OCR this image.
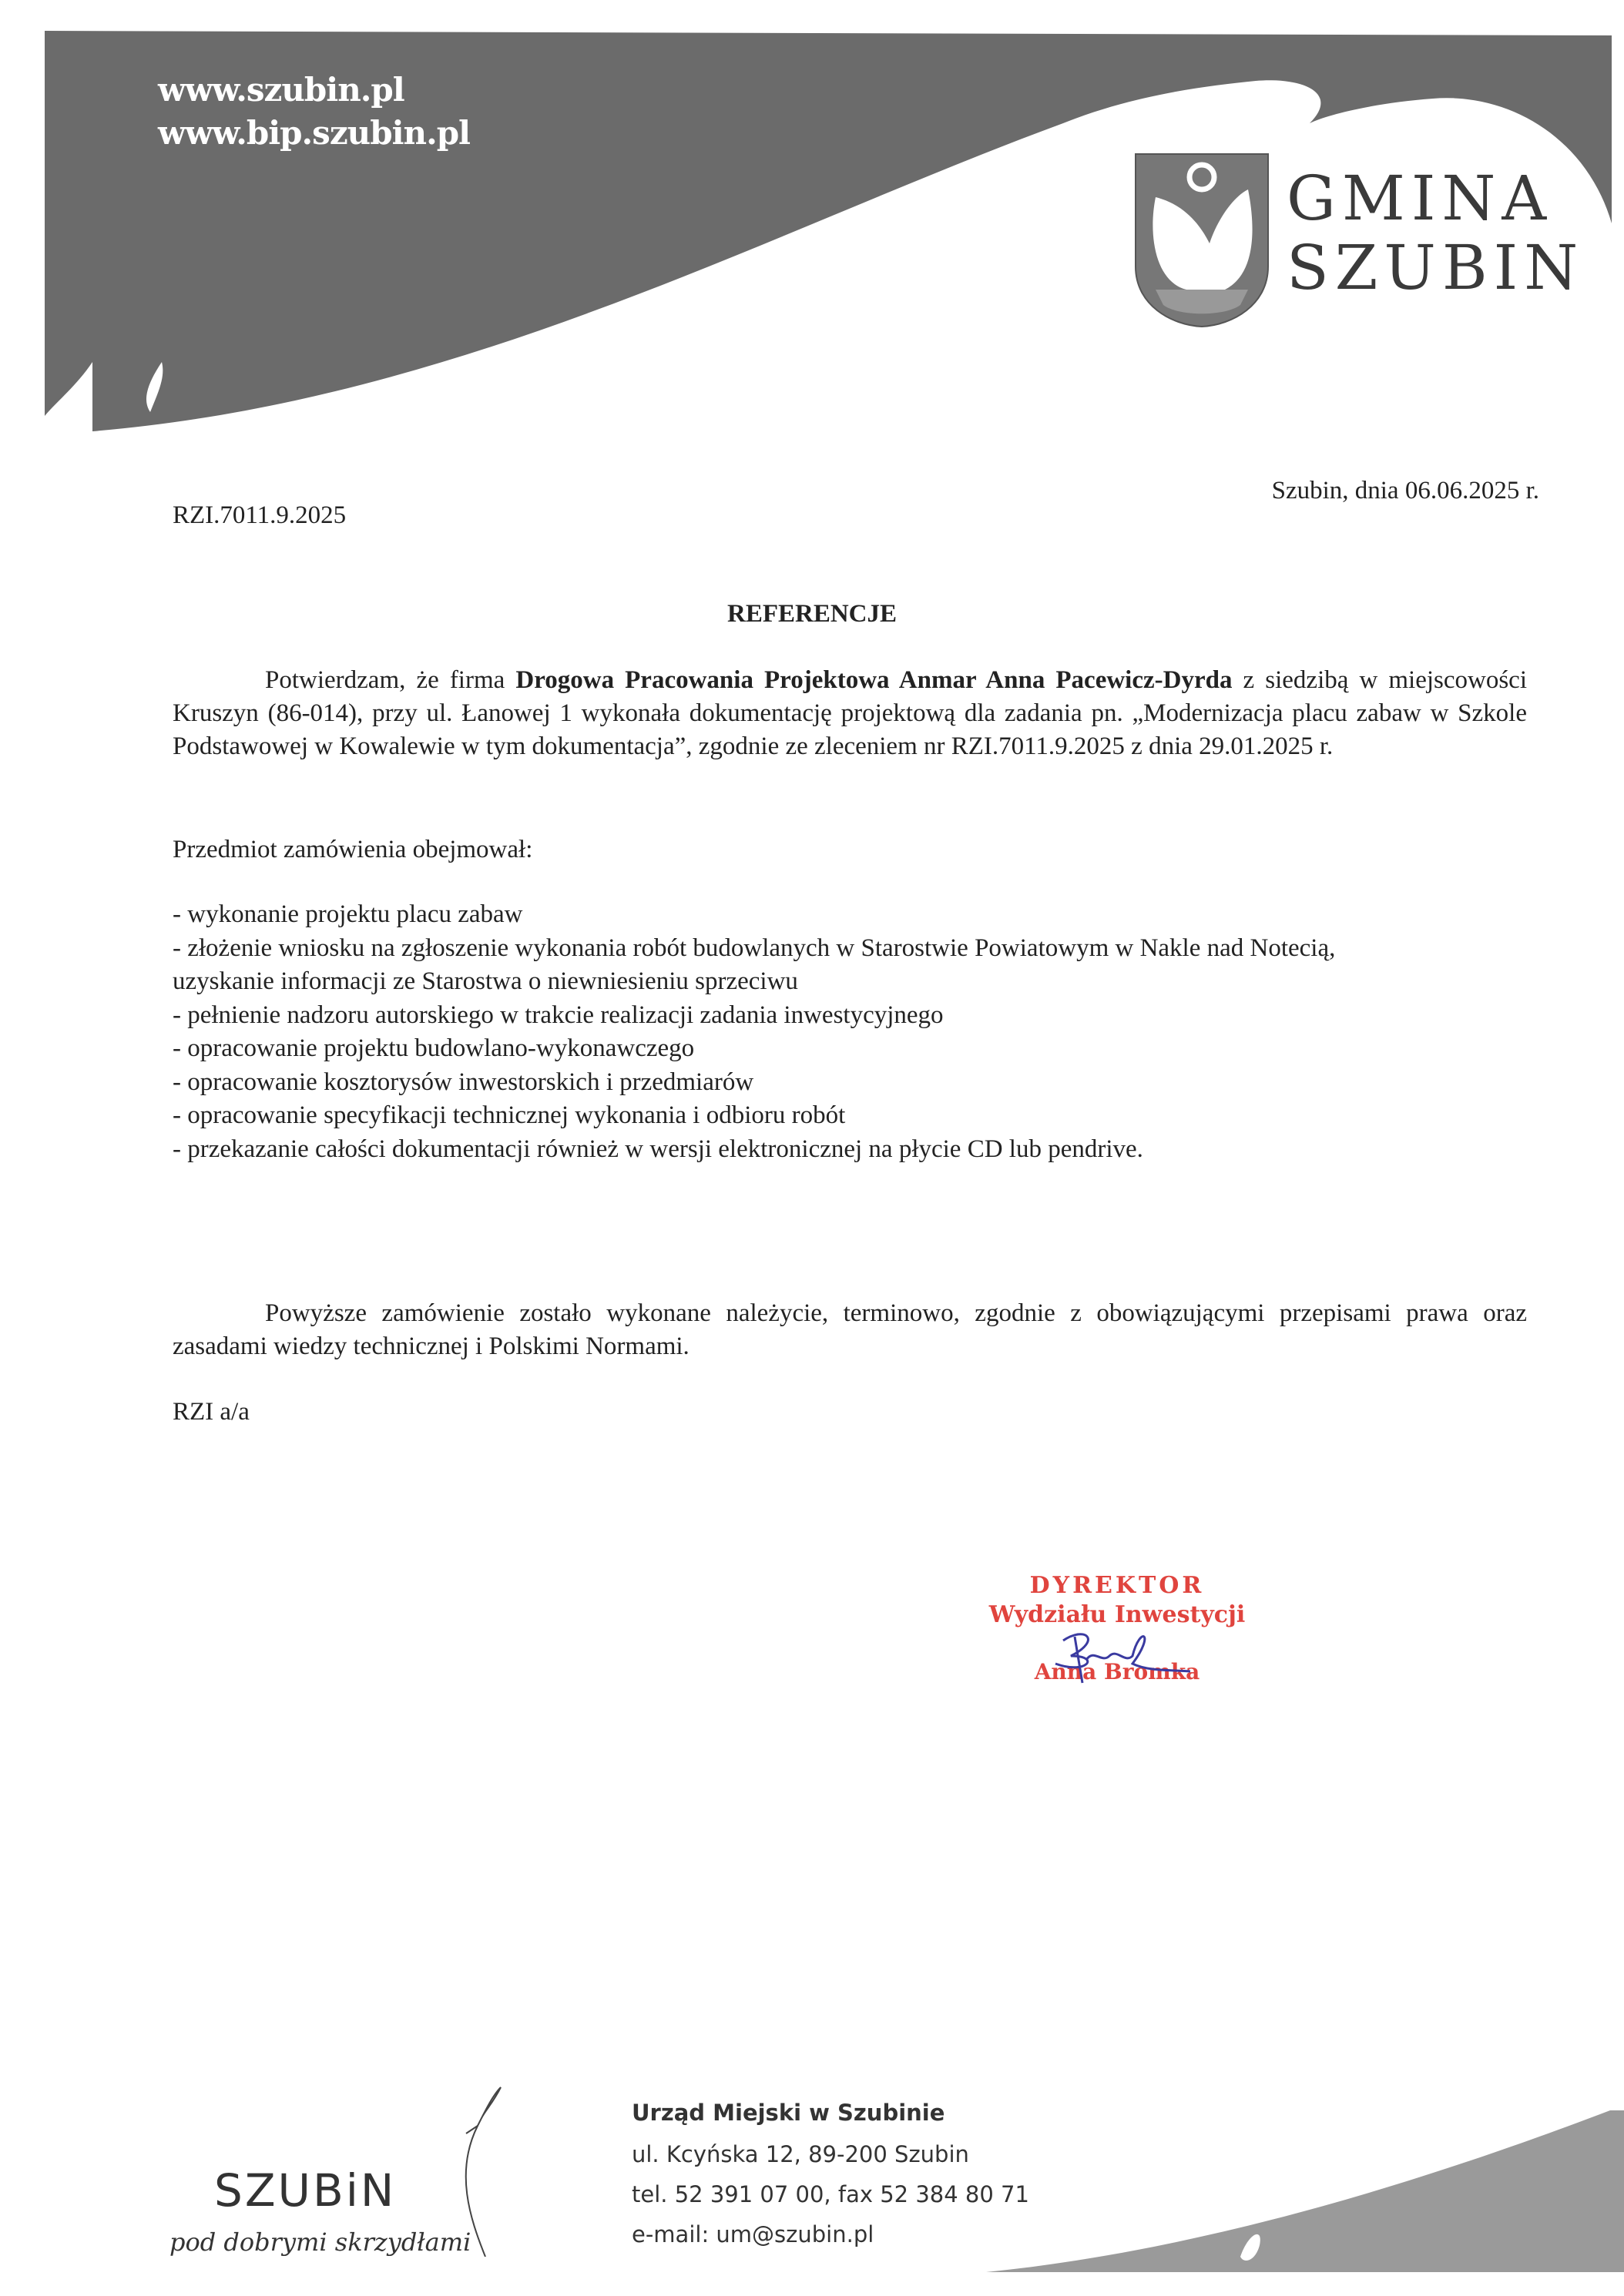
www.szubin.pl
www.bip.szubin.pl
GMINA
SZUBIN
RZI.7011.9.2025
Szubin, dnia 06.06.2025 r.
REFERENCJE
Potwierdzam, że firma Drogowa Pracowania Projektowa Anmar Anna Pacewicz-Dyrda z siedzibą w miejscowości Kruszyn (86-014), przy ul. Łanowej 1 wykonała dokumentację projektową dla zadania pn. „Modernizacja placu zabaw w Szkole Podstawowej w Kowalewie w tym dokumentacja”, zgodnie ze zleceniem nr RZI.7011.9.2025 z dnia 29.01.2025 r.
Przedmiot zamówienia obejmował:
- wykonanie projektu placu zabaw
- złożenie wniosku na zgłoszenie wykonania robót budowlanych w Starostwie Powiatowym w Nakle nad Notecią,
uzyskanie informacji ze Starostwa o niewniesieniu sprzeciwu
- pełnienie nadzoru autorskiego w trakcie realizacji zadania inwestycyjnego
- opracowanie projektu budowlano-wykonawczego
- opracowanie kosztorysów inwestorskich i przedmiarów
- opracowanie specyfikacji technicznej wykonania i odbioru robót
- przekazanie całości dokumentacji również w wersji elektronicznej na płycie CD lub pendrive.
Powyższe zamówienie zostało wykonane należycie, terminowo, zgodnie z obowiązującymi przepisami prawa oraz zasadami wiedzy technicznej i Polskimi Normami.
RZI a/a
DYREKTOR
Wydziału Inwestycji
Anna Bromka
SZUBiN
pod dobrymi skrzydłami
Urząd Miejski w Szubinie
ul. Kcyńska 12, 89-200 Szubin
tel. 52 391 07 00, fax 52 384 80 71
e-mail: um@szubin.pl
